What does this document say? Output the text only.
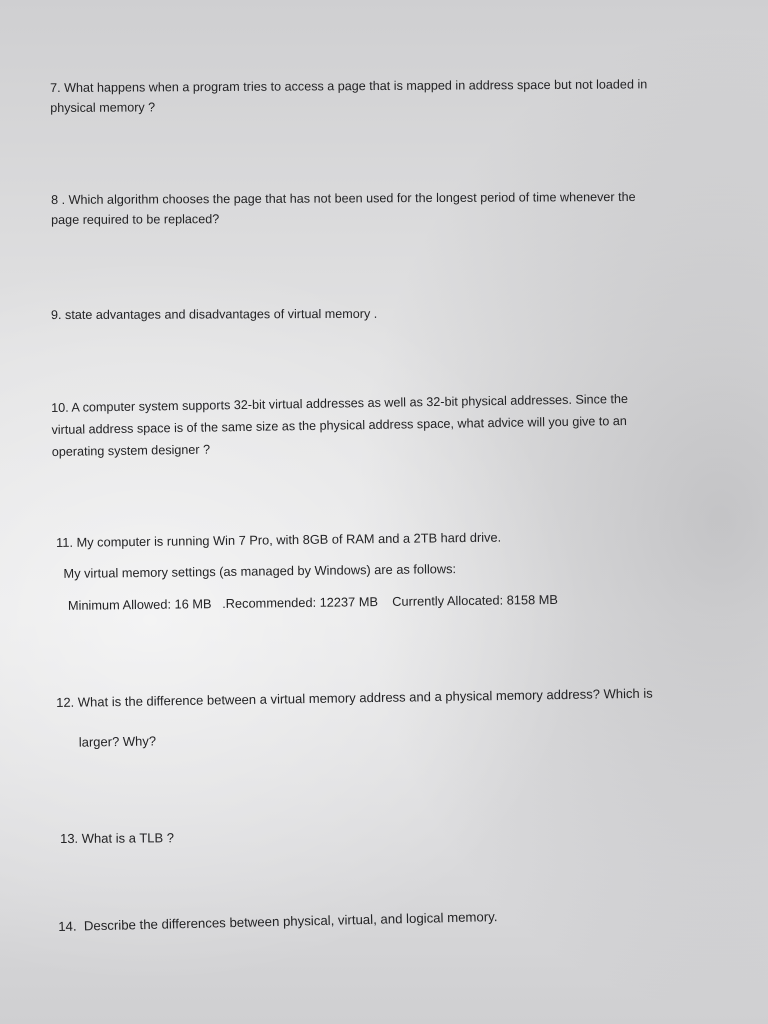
7. What happens when a program tries to access a page that is mapped in address space but not loaded in
physical memory ?
8 . Which algorithm chooses the page that has not been used for the longest period of time whenever the
page required to be replaced?
9. state advantages and disadvantages of virtual memory .
10. A computer system supports 32-bit virtual addresses as well as 32-bit physical addresses. Since the
virtual address space is of the same size as the physical address space, what advice will you give to an
operating system designer ?
11. My computer is running Win 7 Pro, with 8GB of RAM and a 2TB hard drive.
My virtual memory settings (as managed by Windows) are as follows:
Minimum Allowed: 16 MB   .Recommended: 12237 MB    Currently Allocated: 8158 MB
12. What is the difference between a virtual memory address and a physical memory address? Which is
larger? Why?
13. What is a TLB ?
14.  Describe the differences between physical, virtual, and logical memory.
